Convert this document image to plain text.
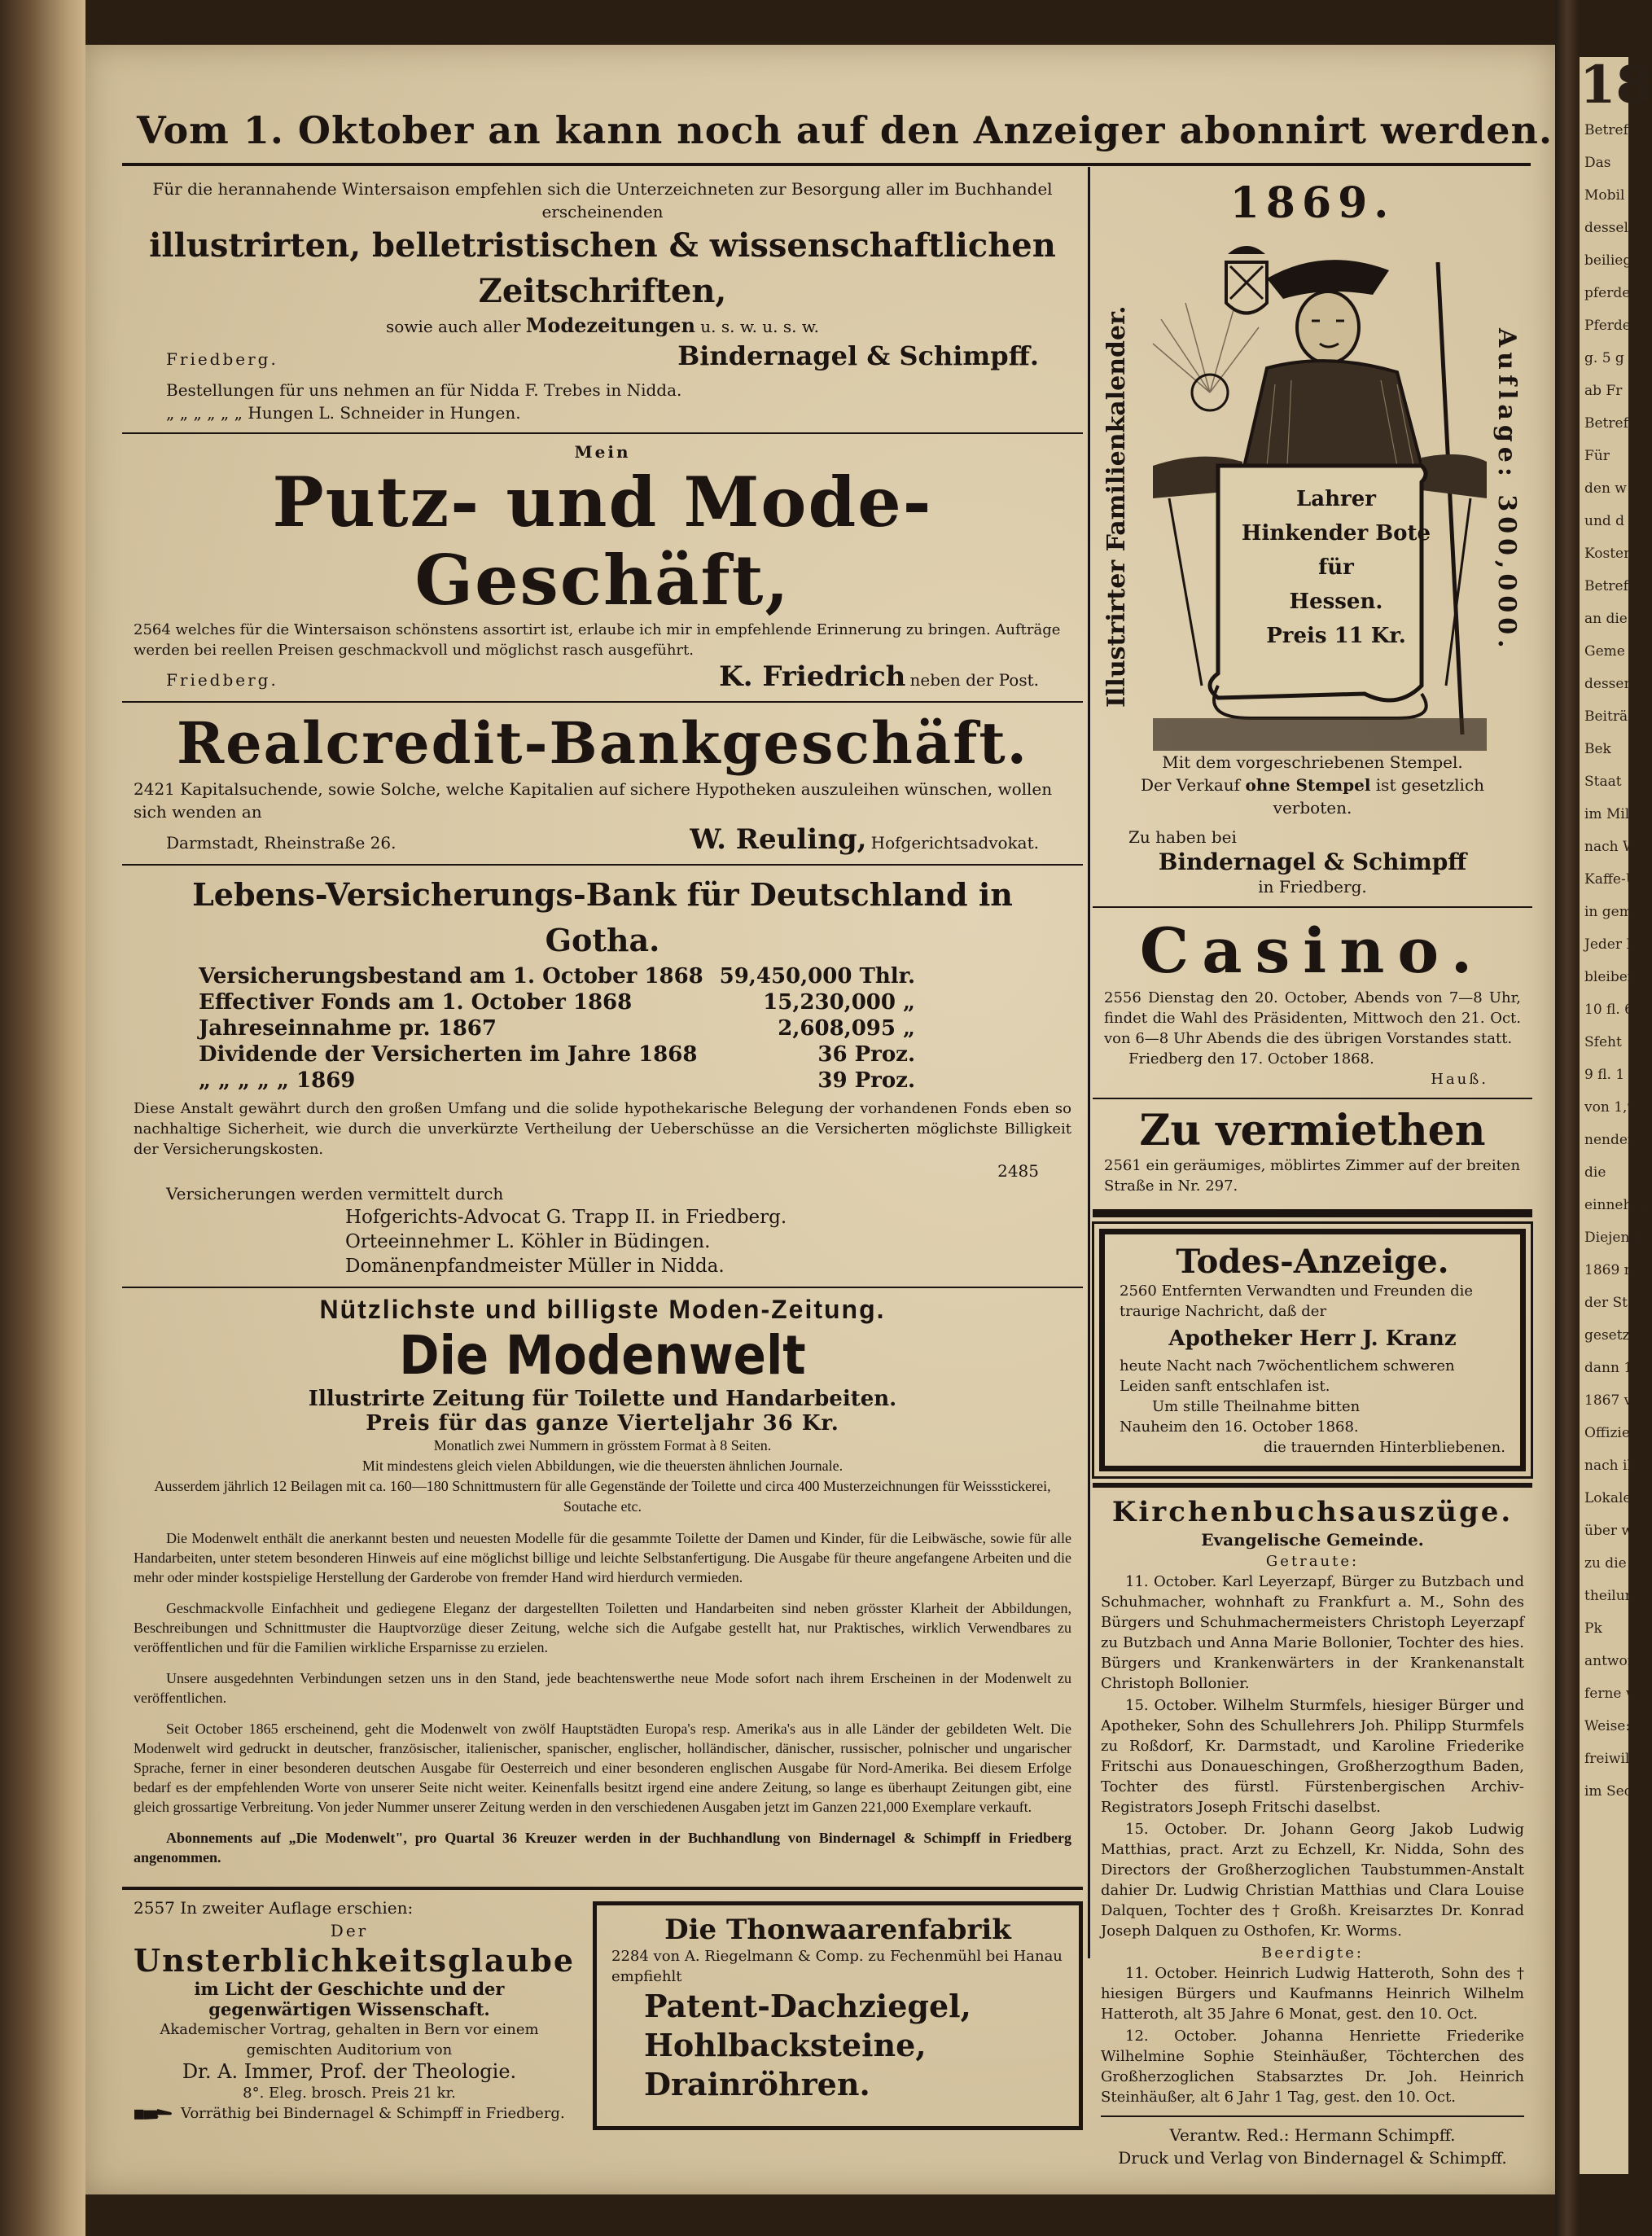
18
Betreff
Das
Mobil
desselb
beilieg
pferde
Pferde
g. 5 g
ab Fr
Betreff
Für
den w
und d
Kosten
Betreff
an die
Geme
dessen
Beiträ
Bek
Staat
im Mil
nach W
Kaffe-U
in gema
Jeder L
bleiben
10 fl. 6
Sfeht
9 fl. 1
von 1,9
nenden
die
einnehm
Diejenig
1869 nu
der Sta
gesetzl
dann 1
1867 vo
Offizier
nach ih
Lokalen
über wi
zu die
theilun
Pk
antwort
ferne w
Weise:
freiwil
im Sec
Vom 1. Oktober an kann noch auf den Anzeiger abonnirt werden.
Für die herannahende Wintersaison empfehlen sich die Unterzeichneten zur Besorgung aller im Buchhandel erscheinenden
illustrirten, belletristischen & wissenschaftlichen Zeitschriften,
sowie auch aller Modezeitungen u. s. w. u. s. w.
Friedberg.	Bindernagel & Schimpff.
Bestellungen für uns nehmen an für Nidda F. Trebes in Nidda.
„ „ „ „ „ „ Hungen L. Schneider in Hungen.
Mein
Putz- und Mode-Geschäft,
2564 welches für die Wintersaison schönstens assortirt ist, erlaube ich mir in empfehlende Erinnerung zu bringen. Aufträge werden bei reellen Preisen geschmackvoll und möglichst rasch ausgeführt.
Friedberg.	K. Friedrich neben der Post.
Realcredit-Bankgeschäft.
2421 Kapitalsuchende, sowie Solche, welche Kapitalien auf sichere Hypotheken auszuleihen wünschen, wollen sich wenden an
Darmstadt, Rheinstraße 26.	W. Reuling, Hofgerichtsadvokat.
Lebens-Versicherungs-Bank für Deutschland in Gotha.
Versicherungsbestand am 1. October 1868 59,450,000 Thlr.
Effectiver Fonds am 1. October 1868	15,230,000 „
Jahreseinnahme pr. 1867	2,608,095 „
Dividende der Versicherten im Jahre 1868	36 Proz.
„ „ „ „ „ 1869	39 Proz.
Diese Anstalt gewährt durch den großen Umfang und die solide hypothekarische Belegung der vorhandenen Fonds eben so nachhaltige Sicherheit, wie durch die unverkürzte Vertheilung der Ueberschüsse an die Versicherten möglichste Billigkeit der Versicherungskosten.
2485
Versicherungen werden vermittelt durch
Hofgerichts-Advocat G. Trapp II. in Friedberg.
Orteeinnehmer L. Köhler in Büdingen.
Domänenpfandmeister Müller in Nidda.
Nützlichste und billigste Moden-Zeitung.
Die Modenwelt
Illustrirte Zeitung für Toilette und Handarbeiten.
Preis für das ganze Vierteljahr 36 Kr.
Monatlich zwei Nummern in grösstem Format à 8 Seiten.
Mit mindestens gleich vielen Abbildungen, wie die theuersten ähnlichen Journale.
Ausserdem jährlich 12 Beilagen mit ca. 160—180 Schnittmustern für alle Gegenstände der Toilette und circa 400 Musterzeichnungen für Weissstickerei, Soutache etc.
Die Modenwelt enthält die anerkannt besten und neuesten Modelle für die gesammte Toilette der Damen und Kinder, für die Leibwäsche, sowie für alle Handarbeiten, unter stetem besonderen Hinweis auf eine möglichst billige und leichte Selbstanfertigung. Die Ausgabe für theure angefangene Arbeiten und die mehr oder minder kostspielige Herstellung der Garderobe von fremder Hand wird hierdurch vermieden.
Geschmackvolle Einfachheit und gediegene Eleganz der dargestellten Toiletten und Handarbeiten sind neben grösster Klarheit der Abbildungen, Beschreibungen und Schnittmuster die Hauptvorzüge dieser Zeitung, welche sich die Aufgabe gestellt hat, nur Praktisches, wirklich Verwendbares zu veröffentlichen und für die Familien wirkliche Ersparnisse zu erzielen.
Unsere ausgedehnten Verbindungen setzen uns in den Stand, jede beachtenswerthe neue Mode sofort nach ihrem Erscheinen in der Modenwelt zu veröffentlichen.
Seit October 1865 erscheinend, geht die Modenwelt von zwölf Hauptstädten Europa's resp. Amerika's aus in alle Länder der gebildeten Welt. Die Modenwelt wird gedruckt in deutscher, französischer, italienischer, spanischer, englischer, holländischer, dänischer, russischer, polnischer und ungarischer Sprache, ferner in einer besonderen deutschen Ausgabe für Oesterreich und einer besonderen englischen Ausgabe für Nord-Amerika. Bei diesem Erfolge bedarf es der empfehlenden Worte von unserer Seite nicht weiter. Keinenfalls besitzt irgend eine andere Zeitung, so lange es überhaupt Zeitungen gibt, eine gleich grossartige Verbreitung. Von jeder Nummer unserer Zeitung werden in den verschiedenen Ausgaben jetzt im Ganzen 221,000 Exemplare verkauft.
Abonnements auf „Die Modenwelt", pro Quartal 36 Kreuzer werden in der Buchhandlung von Bindernagel & Schimpff in Friedberg angenommen.
2557 In zweiter Auflage erschien:
Der
Unsterblichkeitsglaube
im Licht der Geschichte und der gegenwärtigen Wissenschaft.
Akademischer Vortrag, gehalten in Bern vor einem gemischten Auditorium von
Dr. A. Immer, Prof. der Theologie.
8°. Eleg. brosch. Preis 21 kr.
Vorräthig bei Bindernagel & Schimpff in Friedberg.
Die Thonwaarenfabrik
2284 von A. Riegelmann & Comp. zu Fechenmühl bei Hanau empfiehlt
Patent-Dachziegel,
Hohlbacksteine,
Drainröhren.
1869.
Illustrirter Familienkalender.	Auflage: 300,000.
Lahrer
Hinkender Bote
für
Hessen.
Preis 11 Kr.
Mit dem vorgeschriebenen Stempel.
Der Verkauf ohne Stempel ist gesetzlich verboten.
Zu haben bei
Bindernagel & Schimpff
in Friedberg.
Casino.
2556 Dienstag den 20. October, Abends von 7—8 Uhr, findet die Wahl des Präsidenten, Mittwoch den 21. Oct. von 6—8 Uhr Abends die des übrigen Vorstandes statt.
Friedberg den 17. October 1868.
Hauß.
Zu vermiethen
2561 ein geräumiges, möblirtes Zimmer auf der breiten Straße in Nr. 297.
Todes-Anzeige.
2560 Entfernten Verwandten und Freunden die traurige Nachricht, daß der
Apotheker Herr J. Kranz
heute Nacht nach 7wöchentlichem schweren Leiden sanft entschlafen ist.
Um stille Theilnahme bitten
Nauheim den 16. October 1868.
die trauernden Hinterbliebenen.
Kirchenbuchsauszüge.
Evangelische Gemeinde.
Getraute:
11. October. Karl Leyerzapf, Bürger zu Butzbach und Schuhmacher, wohnhaft zu Frankfurt a. M., Sohn des Bürgers und Schuhmachermeisters Christoph Leyerzapf zu Butzbach und Anna Marie Bollonier, Tochter des hies. Bürgers und Krankenwärters in der Krankenanstalt Christoph Bollonier.
15. October. Wilhelm Sturmfels, hiesiger Bürger und Apotheker, Sohn des Schullehrers Joh. Philipp Sturmfels zu Roßdorf, Kr. Darmstadt, und Karoline Friederike Fritschi aus Donaueschingen, Großherzogthum Baden, Tochter des fürstl. Fürstenbergischen Archiv-Registrators Joseph Fritschi daselbst.
15. October. Dr. Johann Georg Jakob Ludwig Matthias, pract. Arzt zu Echzell, Kr. Nidda, Sohn des Directors der Großherzoglichen Taubstummen-Anstalt dahier Dr. Ludwig Christian Matthias und Clara Louise Dalquen, Tochter des † Großh. Kreisarztes Dr. Konrad Joseph Dalquen zu Osthofen, Kr. Worms.
Beerdigte:
11. October. Heinrich Ludwig Hatteroth, Sohn des † hiesigen Bürgers und Kaufmanns Heinrich Wilhelm Hatteroth, alt 35 Jahre 6 Monat, gest. den 10. Oct.
12. October. Johanna Henriette Friederike Wilhelmine Sophie Steinhäußer, Töchterchen des Großherzoglichen Stabsarztes Dr. Joh. Heinrich Steinhäußer, alt 6 Jahr 1 Tag, gest. den 10. Oct.
Verantw. Red.: Hermann Schimpff.
Druck und Verlag von Bindernagel & Schimpff.
